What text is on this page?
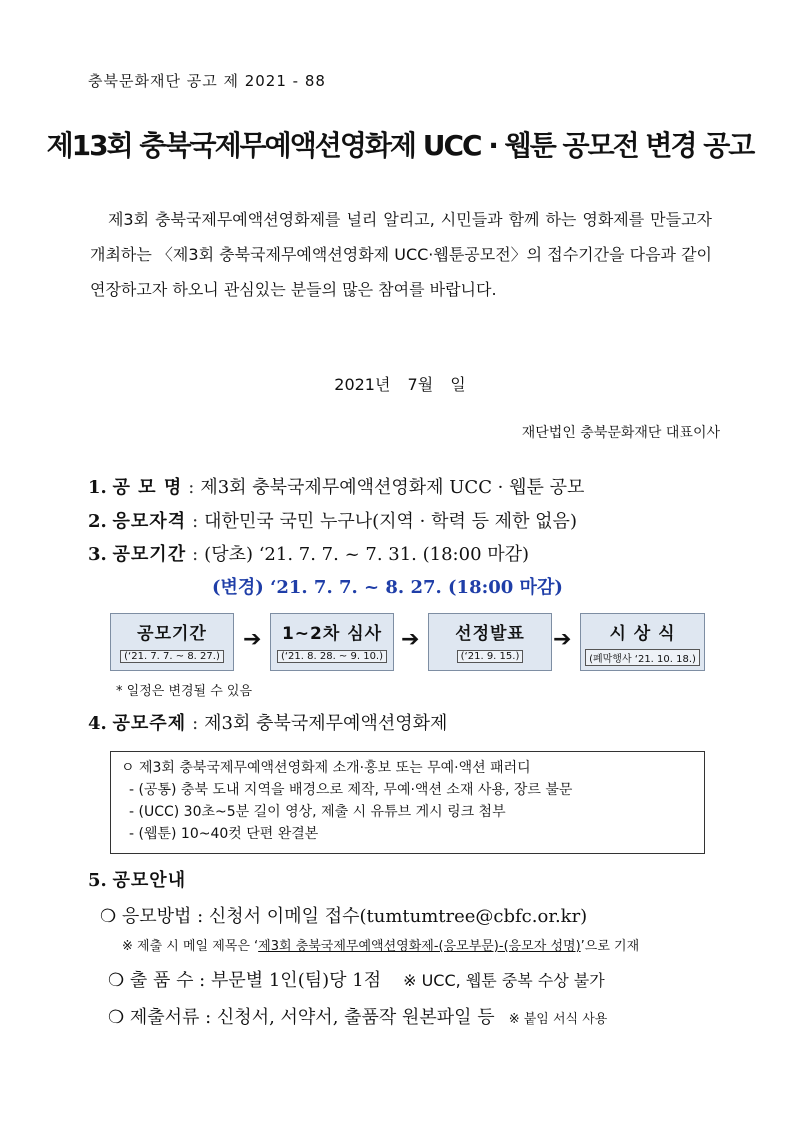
충북문화재단 공고 제 2021 - 88
제13회 충북국제무예액션영화제 UCC · 웹툰 공모전 변경 공고
제3회 충북국제무예액션영화제를 널리 알리고, 시민들과 함께 하는 영화제를 만들고자 개최하는 〈제3회 충북국제무예액션영화제 UCC·웹툰공모전〉의 접수기간을 다음과 같이 연장하고자 하오니 관심있는 분들의 많은 참여를 바랍니다.
2021년 7월 일
재단법인 충북문화재단 대표이사
1. 공 모 명 : 제3회 충북국제무예액션영화제 UCC · 웹툰 공모
2. 응모자격 : 대한민국 국민 누구나(지역 · 학력 등 제한 없음)
3. 공모기간 : (당초) ‘21. 7. 7. ~ 7. 31. (18:00 마감)
(변경) ‘21. 7. 7. ~ 8. 27. (18:00 마감)
공모기간
(‘21. 7. 7. ~ 8. 27.)
➔	1~2차 심사
(‘21. 8. 28. ~ 9. 10.)
➔	선정발표
(‘21. 9. 15.)
➔	시 상 식
(폐막행사 ‘21. 10. 18.)
* 일정은 변경될 수 있음
4. 공모주제 : 제3회 충북국제무예액션영화제
ㅇ 제3회 충북국제무예액션영화제 소개·홍보 또는 무예·액션 패러디
- (공통) 충북 도내 지역을 배경으로 제작, 무예·액션 소재 사용, 장르 불문
- (UCC) 30초~5분 길이 영상, 제출 시 유튜브 게시 링크 첨부
- (웹툰) 10~40컷 단편 완결본
5. 공모안내
❍ 응모방법 : 신청서 이메일 접수(tumtumtree@cbfc.or.kr)
※ 제출 시 메일 제목은 ‘제3회 충북국제무예액션영화제-(응모부문)-(응모자 성명)’으로 기재
❍ 출 품 수 : 부문별 1인(팀)당 1점 ※ UCC, 웹툰 중복 수상 불가
❍ 제출서류 : 신청서, 서약서, 출품작 원본파일 등 ※ 붙임 서식 사용
